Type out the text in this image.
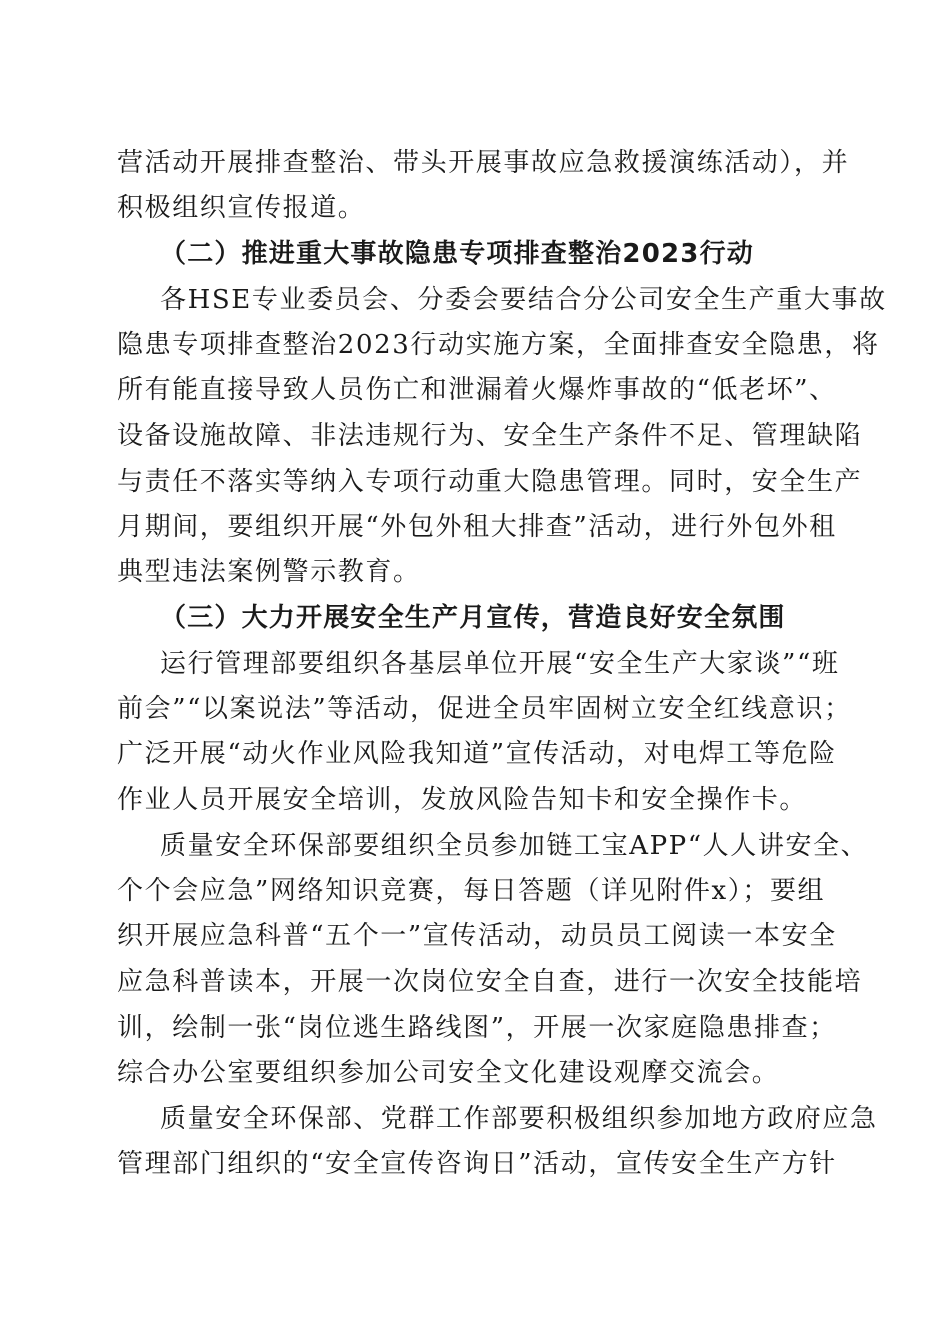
营活动开展排查整治、带头开展事故应急救援演练活动），并
积极组织宣传报道。
（二）推进重大事故隐患专项排查整治2023行动
各HSE专业委员会、分委会要结合分公司安全生产重大事故
隐患专项排查整治2023行动实施方案，全面排查安全隐患，将
所有能直接导致人员伤亡和泄漏着火爆炸事故的“低老坏”、
设备设施故障、非法违规行为、安全生产条件不足、管理缺陷
与责任不落实等纳入专项行动重大隐患管理。同时，安全生产
月期间，要组织开展“外包外租大排查”活动，进行外包外租
典型违法案例警示教育。
（三）大力开展安全生产月宣传，营造良好安全氛围
运行管理部要组织各基层单位开展“安全生产大家谈”“班
前会”“以案说法”等活动，促进全员牢固树立安全红线意识；
广泛开展“动火作业风险我知道”宣传活动，对电焊工等危险
作业人员开展安全培训，发放风险告知卡和安全操作卡。
质量安全环保部要组织全员参加链工宝APP“人人讲安全、
个个会应急”网络知识竞赛，每日答题（详见附件x）；要组
织开展应急科普“五个一”宣传活动，动员员工阅读一本安全
应急科普读本，开展一次岗位安全自查，进行一次安全技能培
训，绘制一张“岗位逃生路线图”，开展一次家庭隐患排查；
综合办公室要组织参加公司安全文化建设观摩交流会。
质量安全环保部、党群工作部要积极组织参加地方政府应急
管理部门组织的“安全宣传咨询日”活动，宣传安全生产方针
